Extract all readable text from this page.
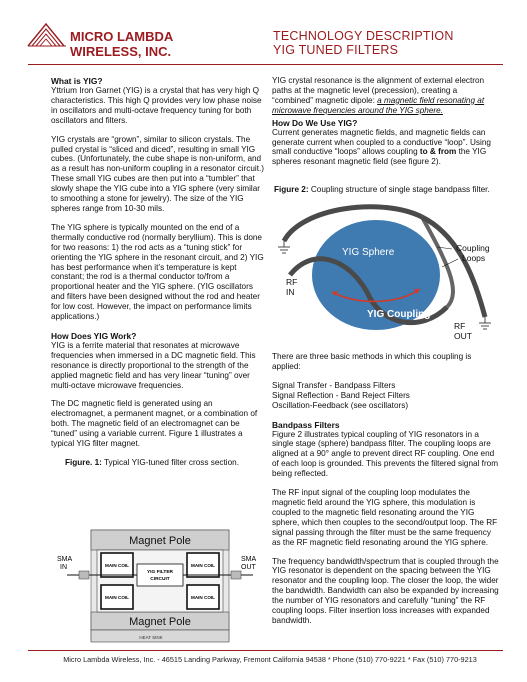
MICRO LAMBDA
WIRELESS, INC.
TECHNOLOGY DESCRIPTION
YIG TUNED FILTERS
What is YIG?

Yttrium Iron Garnet (YIG) is a crystal that has very high Q characteristics. This high Q provides very low phase noise in oscillators and multi-octave frequency tuning for both oscillators and filters.

YIG crystals are “grown”, similar to silicon crystals. The pulled crystal is “sliced and diced”, resulting in small YIG cubes. (Unfortunately, the cube shape is non-uniform, and as a result has non-uniform coupling in a resonator circuit.) These small YIG cubes are then put into a “tumbler” that slowly shape the YIG cube into a YIG sphere (very similar to smoothing a stone for jewelry). The size of the YIG spheres range from 10-30 mils.

The YIG sphere is typically mounted on the end of a thermally conductive rod (normally beryllium). This is done for two reasons: 1) the rod acts as a “tuning stick” for orienting the YIG sphere in the resonant circuit, and 2) YIG has best performance when it’s temperature is kept constant; the rod is a thermal conductor to/from a proportional heater and the YIG sphere. (YIG oscillators and filters have been designed without the rod and heater for low cost. However, the impact on performance limits applications.)

How Does YIG Work?

YIG is a ferrite material that resonates at microwave frequencies when immersed in a DC magnetic field. This resonance is directly proportional to the strength of the applied magnetic field and has very linear “tuning” over multi-octave microwave frequencies.

The DC magnetic field is generated using an electromagnet, a permanent magnet, or a combination of both. The magnetic field of an electromagnet can be “tuned” using a variable current. Figure 1 illustrates a typical YIG filter magnet.

Figure. 1: Typical YIG-tuned filter cross section.
Magnet Pole
Magnet Pole
HEAT SINK
MAIN COIL	MAIN COIL
MAIN COIL	MAIN COIL
YIG FILTER
CIRCUIT
SMA
IN
SMA
OUT

YIG crystal resonance is the alignment of external electron paths at the magnetic level (precession), creating a “combined” magnetic dipole: a magnetic field resonating at microwave frequencies around the YIG sphere.

How Do We Use YIG?

Current generates magnetic fields, and magnetic fields can generate current when coupled to a conductive “loop”. Using small conductive “loops” allows coupling to & from the YIG spheres resonant magnetic field (see figure 2).

Figure 2: Coupling structure of single stage bandpass filter.
YIG Sphere
YIG Coupling
Coupling
Loops
RF
IN
RF
OUT

There are three basic methods in which this coupling is applied:

Signal Transfer - Bandpass Filters
Signal Reflection - Band Reject Filters
Oscillation-Feedback (see oscillators)

Bandpass Filters

Figure 2 illustrates typical coupling of YIG resonators in a single stage (sphere) bandpass filter. The coupling loops are aligned at a 90° angle to prevent direct RF coupling. One end of each loop is grounded. This prevents the filtered signal from being reflected.

The RF input signal of the coupling loop modulates the magnetic field around the YIG sphere, this modulation is coupled to the magnetic field resonating around the YIG sphere, which then couples to the second/output loop. The RF signal passing through the filter must be the same frequency as the RF magnetic field resonating around the YIG sphere.

The frequency bandwidth/spectrum that is coupled through the YIG resonator is dependent on the spacing between the YIG resonator and the coupling loop. The closer the loop, the wider the bandwidth. Bandwidth can also be expanded by increasing the number of YIG resonators and carefully “tuning” the RF coupling loops. Filter insertion loss increases with expanded bandwidth.

Micro Lambda Wireless, Inc. - 46515 Landing Parkway, Fremont California 94538 * Phone (510) 770-9221 * Fax (510) 770-9213
